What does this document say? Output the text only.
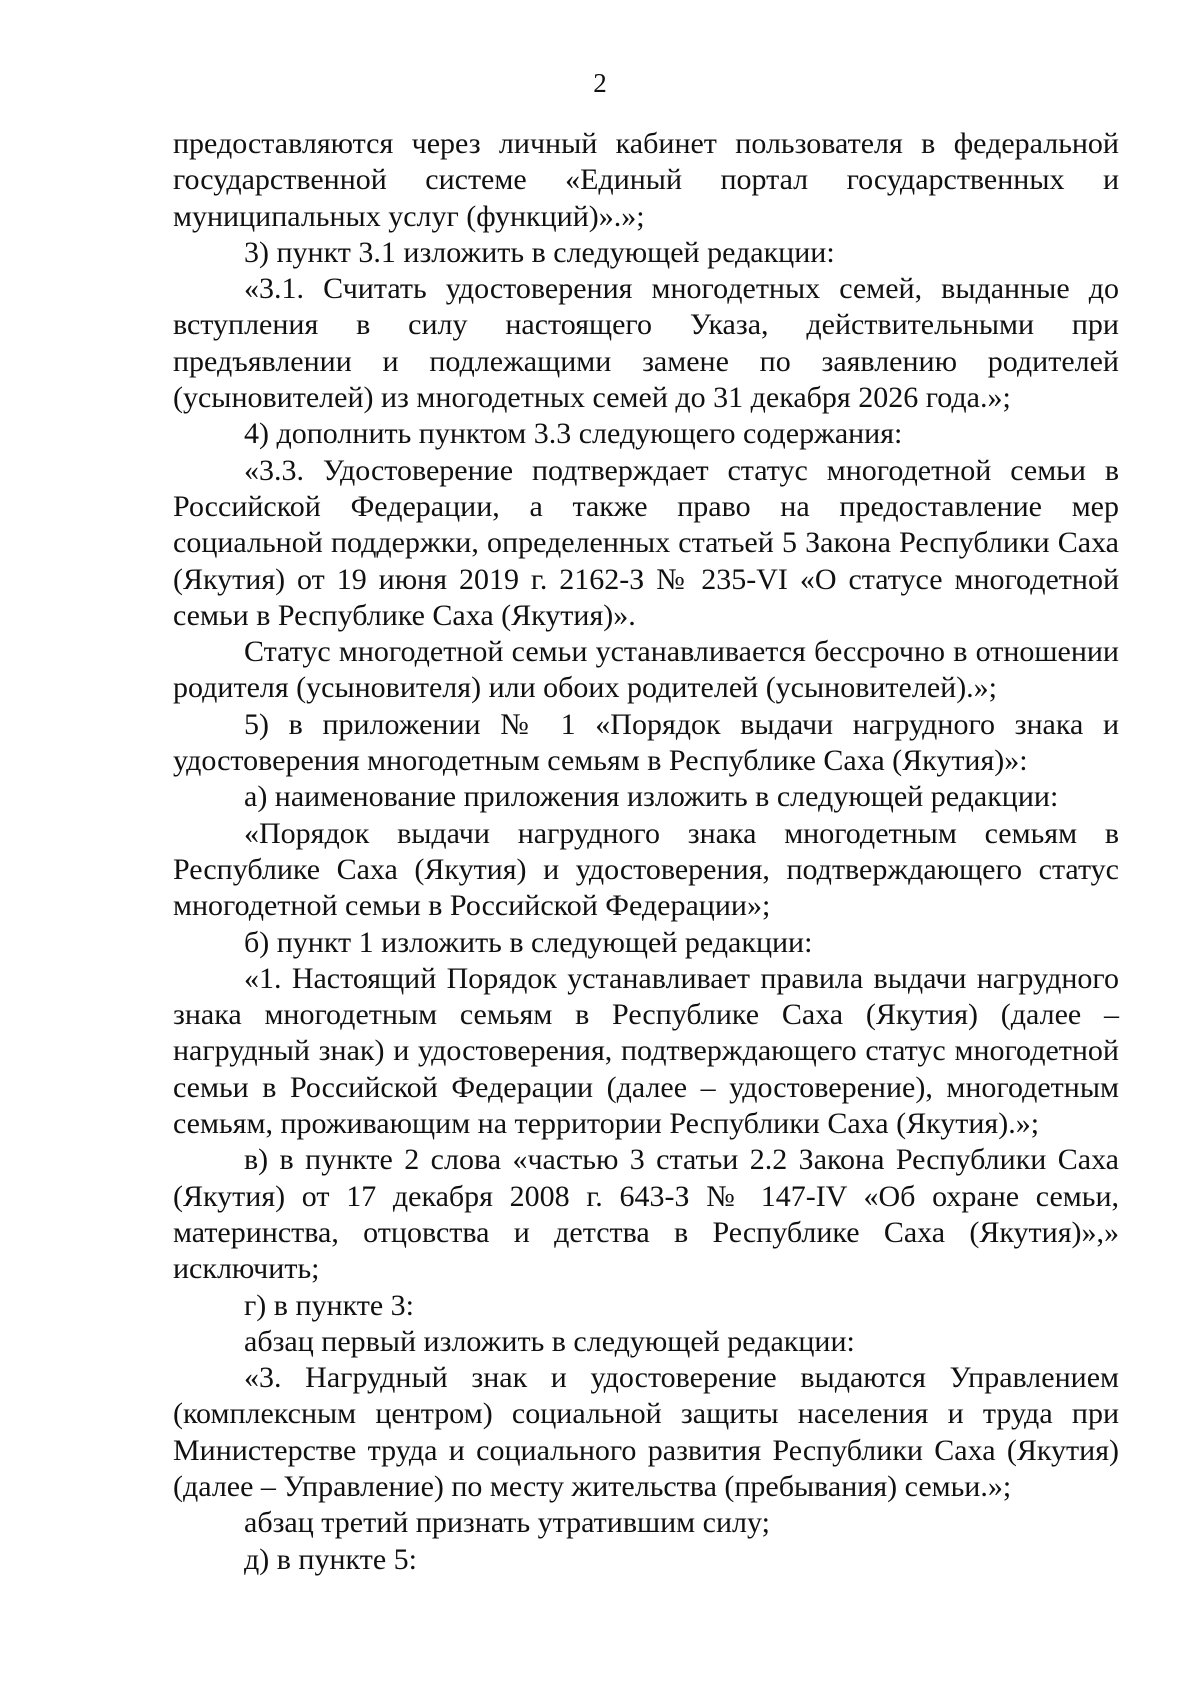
2

предоставляются через личный кабинет пользователя в федеральной государственной системе «Единый портал государственных и муниципальных услуг (функций)».»;

3) пункт 3.1 изложить в следующей редакции:

«3.1. Считать удостоверения многодетных семей, выданные до вступления в силу настоящего Указа, действительными при предъявлении и подлежащими замене по заявлению родителей (усыновителей) из многодетных семей до 31 декабря 2026 года.»;

4) дополнить пунктом 3.3 следующего содержания:

«3.3. Удостоверение подтверждает статус многодетной семьи в Российской Федерации, а также право на предоставление мер социальной поддержки, определенных статьей 5 Закона Республики Саха (Якутия) от 19 июня 2019 г. 2162-З № 235-VI «О статусе многодетной семьи в Республике Саха (Якутия)».

Статус многодетной семьи устанавливается бессрочно в отношении родителя (усыновителя) или обоих родителей (усыновителей).»;

5) в приложении № 1 «Порядок выдачи нагрудного знака и удостоверения многодетным семьям в Республике Саха (Якутия)»:

а) наименование приложения изложить в следующей редакции:

«Порядок выдачи нагрудного знака многодетным семьям в Республике Саха (Якутия) и удостоверения, подтверждающего статус многодетной семьи в Российской Федерации»;

б) пункт 1 изложить в следующей редакции:

«1. Настоящий Порядок устанавливает правила выдачи нагрудного знака многодетным семьям в Республике Саха (Якутия) (далее – нагрудный знак) и удостоверения, подтверждающего статус многодетной семьи в Российской Федерации (далее – удостоверение), многодетным семьям, проживающим на территории Республики Саха (Якутия).»;

в) в пункте 2 слова «частью 3 статьи 2.2 Закона Республики Саха (Якутия) от 17 декабря 2008 г. 643-З № 147-IV «Об охране семьи, материнства, отцовства и детства в Республике Саха (Якутия)»,» исключить;

г) в пункте 3:

абзац первый изложить в следующей редакции:

«3. Нагрудный знак и удостоверение выдаются Управлением (комплексным центром) социальной защиты населения и труда при Министерстве труда и социального развития Республики Саха (Якутия) (далее – Управление) по месту жительства (пребывания) семьи.»;

абзац третий признать утратившим силу;

д) в пункте 5:
